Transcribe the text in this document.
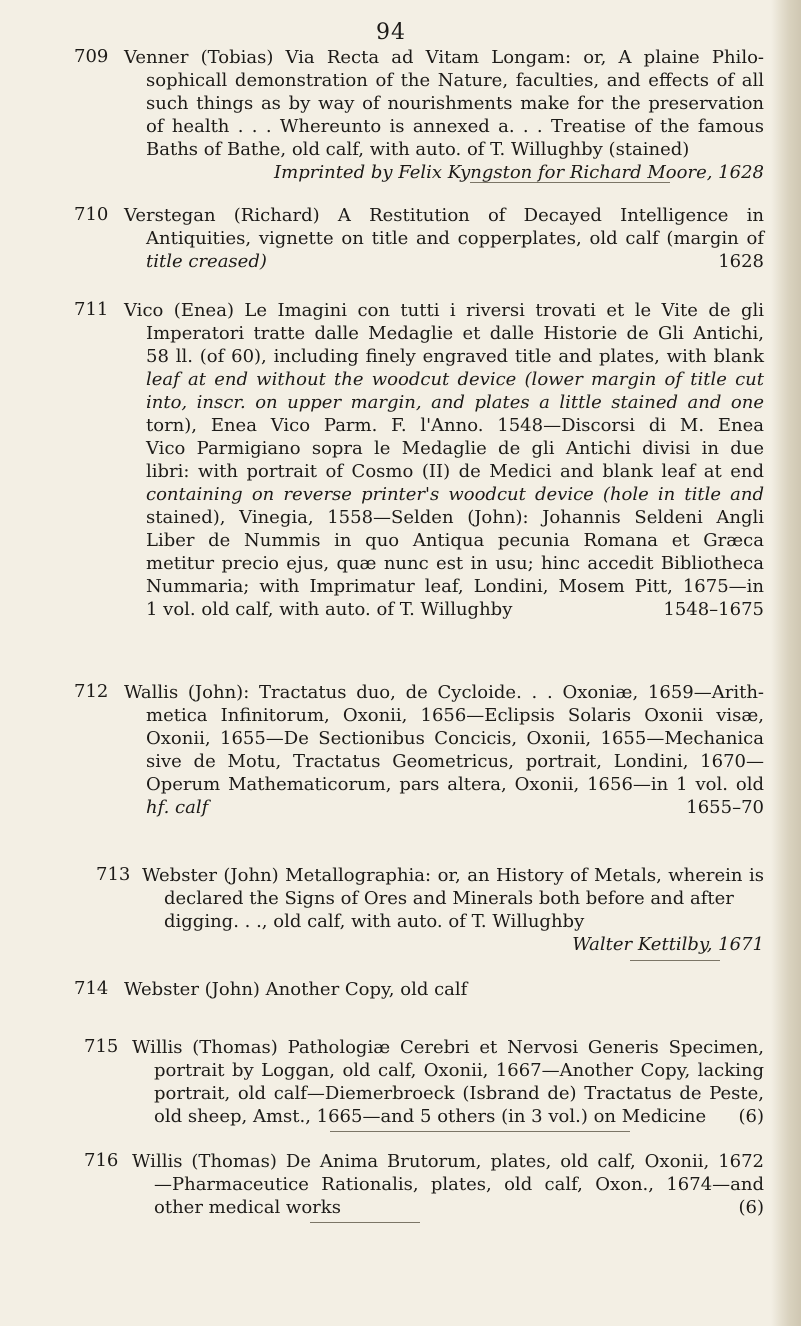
94
709 Venner (Tobias) Via Recta ad Vitam Longam: or, A plaine Philo-
sophicall demonstration of the Nature, faculties, and effects of all
such things as by way of nourishments make for the preservation
of health . . . Whereunto is annexed a. . . Treatise of the famous
Baths of Bathe, old calf, with auto. of T. Willughby (stained)
Imprinted by Felix Kyngston for Richard Moore, 1628
710 Verstegan (Richard) A Restitution of Decayed Intelligence in
Antiquities, vignette on title and copperplates, old calf (margin of
title creased)	1628
711 Vico (Enea) Le Imagini con tutti i riversi trovati et le Vite de gli
Imperatori tratte dalle Medaglie et dalle Historie de Gli Antichi,
58 ll. (of 60), including finely engraved title and plates, with blank
leaf at end without the woodcut device (lower margin of title cut
into, inscr. on upper margin, and plates a little stained and one
torn), Enea Vico Parm. F. l'Anno. 1548—Discorsi di M. Enea
Vico Parmigiano sopra le Medaglie de gli Antichi divisi in due
libri: with portrait of Cosmo (II) de Medici and blank leaf at end
containing on reverse printer's woodcut device (hole in title and
stained), Vinegia, 1558—Selden (John): Johannis Seldeni Angli
Liber de Nummis in quo Antiqua pecunia Romana et Græca
metitur precio ejus, quæ nunc est in usu; hinc accedit Bibliotheca
Nummaria; with Imprimatur leaf, Londini, Mosem Pitt, 1675—in
1 vol. old calf, with auto. of T. Willughby	1548–1675
712 Wallis (John): Tractatus duo, de Cycloide. . . Oxoniæ, 1659—Arith-
metica Infinitorum, Oxonii, 1656—Eclipsis Solaris Oxonii visæ,
Oxonii, 1655—De Sectionibus Concicis, Oxonii, 1655—Mechanica
sive de Motu, Tractatus Geometricus, portrait, Londini, 1670—
Operum Mathematicorum, pars altera, Oxonii, 1656—in 1 vol. old
hf. calf	1655–70
713 Webster (John) Metallographia: or, an History of Metals, wherein is
declared the Signs of Ores and Minerals both before and after
digging. . ., old calf, with auto. of T. Willughby
Walter Kettilby, 1671
714 Webster (John) Another Copy, old calf
715 Willis (Thomas) Pathologiæ Cerebri et Nervosi Generis Specimen,
portrait by Loggan, old calf, Oxonii, 1667—Another Copy, lacking
portrait, old calf—Diemerbroeck (Isbrand de) Tractatus de Peste,
old sheep, Amst., 1665—and 5 others (in 3 vol.) on Medicine	(6)
716 Willis (Thomas) De Anima Brutorum, plates, old calf, Oxonii, 1672
—Pharmaceutice Rationalis, plates, old calf, Oxon., 1674—and
other medical works	(6)
